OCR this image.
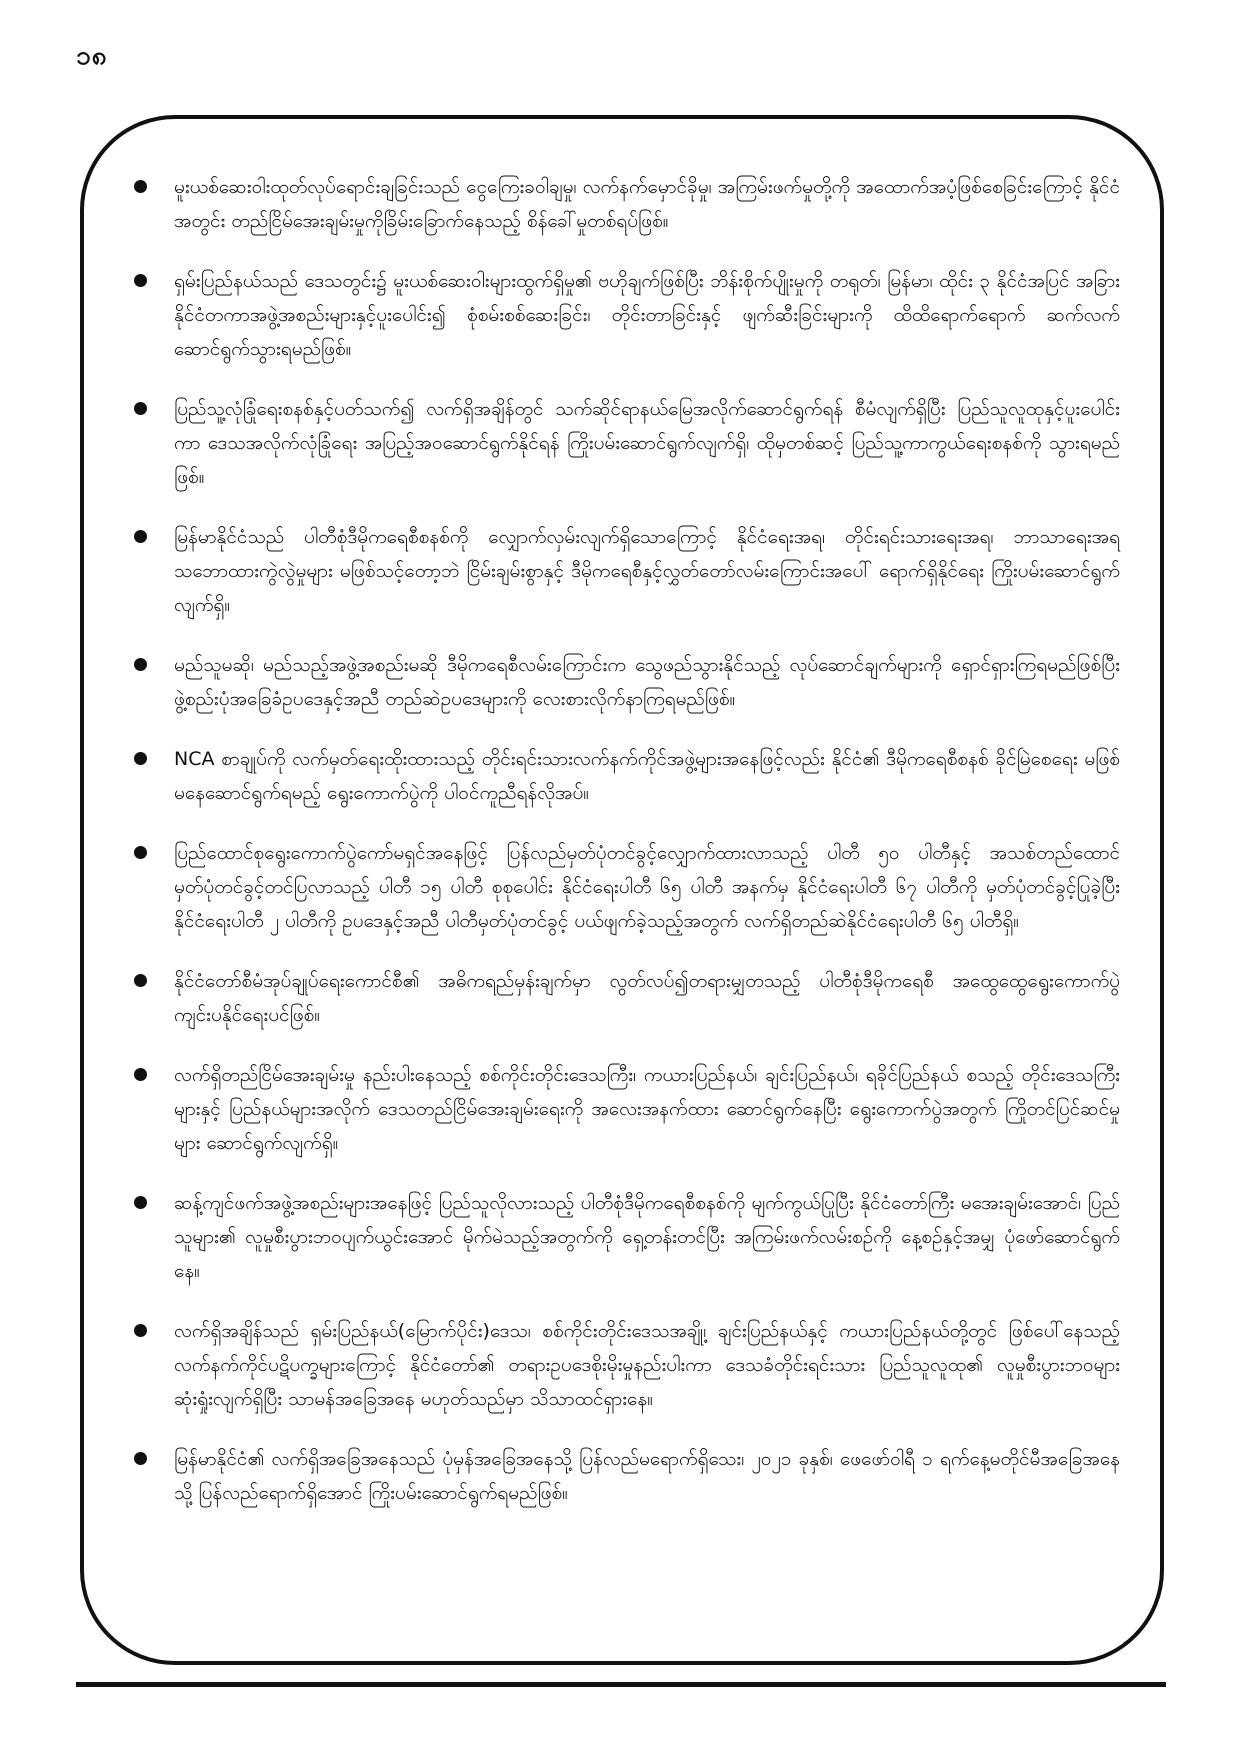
၁၈
မူးယစ်ဆေးဝါးထုတ်လုပ်ရောင်းချခြင်းသည် ငွေကြေးခဝါချမှု၊ လက်နက်မှောင်ခိုမှု၊ အကြမ်းဖက်မှုတို့ကို အထောက်အပံ့ဖြစ်စေခြင်းကြောင့် နိုင်ငံအတွင်း တည်ငြိမ်အေးချမ်းမှုကိုခြိမ်းခြောက်နေသည့် စိန်ခေါ်မှုတစ်ရပ်ဖြစ်။
ရှမ်းပြည်နယ်သည် ဒေသတွင်း၌ မူးယစ်ဆေးဝါးများထွက်ရှိမှု၏ ဗဟိုချက်ဖြစ်ပြီး ဘိန်းစိုက်ပျိုးမှုကို တရုတ်၊ မြန်မာ၊ ထိုင်း ၃ နိုင်ငံအပြင် အခြားနိုင်ငံတကာအဖွဲ့အစည်းများနှင့်ပူးပေါင်း၍ စုံစမ်းစစ်ဆေးခြင်း၊ တိုင်းတာခြင်းနှင့် ဖျက်ဆီးခြင်းများကို ထိထိရောက်ရောက် ဆက်လက်ဆောင်ရွက်သွားရမည်ဖြစ်။
ပြည်သူ့လုံခြုံရေးစနစ်နှင့်ပတ်သက်၍ လက်ရှိအချိန်တွင် သက်ဆိုင်ရာနယ်မြေအလိုက်ဆောင်ရွက်ရန် စီမံလျက်ရှိပြီး ပြည်သူလူထုနှင့်ပူးပေါင်းကာ ဒေသအလိုက်လုံခြုံရေး အပြည့်အဝဆောင်ရွက်နိုင်ရန် ကြိုးပမ်းဆောင်ရွက်လျက်ရှိ၊ ထိုမှတစ်ဆင့် ပြည်သူ့ကာကွယ်ရေးစနစ်ကို သွားရမည်ဖြစ်။
မြန်မာနိုင်ငံသည် ပါတီစုံဒီမိုကရေစီစနစ်ကို လျှောက်လှမ်းလျက်ရှိသောကြောင့် နိုင်ငံရေးအရ၊ တိုင်းရင်းသားရေးအရ၊ ဘာသာရေးအရ သဘောထားကွဲလွဲမှုများ မဖြစ်သင့်တော့ဘဲ ငြိမ်းချမ်းစွာနှင့် ဒီမိုကရေစီနှင့်လွှတ်တော်လမ်းကြောင်းအပေါ် ရောက်ရှိနိုင်ရေး ကြိုးပမ်းဆောင်ရွက်လျက်ရှိ။
မည်သူမဆို၊ မည်သည့်အဖွဲ့အစည်းမဆို ဒီမိုကရေစီလမ်းကြောင်းက သွေဖည်သွားနိုင်သည့် လုပ်ဆောင်ချက်များကို ရှောင်ရှားကြရမည်ဖြစ်ပြီး ဖွဲ့စည်းပုံအခြေခံဥပဒေနှင့်အညီ တည်ဆဲဥပဒေများကို လေးစားလိုက်နာကြရမည်ဖြစ်။
NCA စာချုပ်ကို လက်မှတ်ရေးထိုးထားသည့် တိုင်းရင်းသားလက်နက်ကိုင်အဖွဲ့များအနေဖြင့်လည်း နိုင်ငံ၏ ဒီမိုကရေစီစနစ် ခိုင်မြဲစေရေး မဖြစ်မနေဆောင်ရွက်ရမည့် ရွေးကောက်ပွဲကို ပါဝင်ကူညီရန်လိုအပ်။
ပြည်ထောင်စုရွေးကောက်ပွဲကော်မရှင်အနေဖြင့် ပြန်လည်မှတ်ပုံတင်ခွင့်လျှောက်ထားလာသည့် ပါတီ ၅၀ ပါတီနှင့် အသစ်တည်ထောင်မှတ်ပုံတင်ခွင့်တင်ပြလာသည့် ပါတီ ၁၅ ပါတီ စုစုပေါင်း နိုင်ငံရေးပါတီ ၆၅ ပါတီ အနက်မှ နိုင်ငံရေးပါတီ ၆၇ ပါတီကို မှတ်ပုံတင်ခွင့်ပြုခဲ့ပြီး နိုင်ငံရေးပါတီ ၂ ပါတီကို ဥပဒေနှင့်အညီ ပါတီမှတ်ပုံတင်ခွင့် ပယ်ဖျက်ခဲ့သည့်အတွက် လက်ရှိတည်ဆဲနိုင်ငံရေးပါတီ ၆၅ ပါတီရှိ။
နိုင်ငံတော်စီမံအုပ်ချုပ်ရေးကောင်စီ၏ အဓိကရည်မှန်းချက်မှာ လွတ်လပ်၍တရားမျှတသည့် ပါတီစုံဒီမိုကရေစီ အထွေထွေရွေးကောက်ပွဲ ကျင်းပနိုင်ရေးပင်ဖြစ်။
လက်ရှိတည်ငြိမ်အေးချမ်းမှု နည်းပါးနေသည့် စစ်ကိုင်းတိုင်းဒေသကြီး၊ ကယားပြည်နယ်၊ ချင်းပြည်နယ်၊ ရခိုင်ပြည်နယ် စသည့် တိုင်းဒေသကြီးများနှင့် ပြည်နယ်များအလိုက် ဒေသတည်ငြိမ်အေးချမ်းရေးကို အလေးအနက်ထား ဆောင်ရွက်နေပြီး ရွေးကောက်ပွဲအတွက် ကြိုတင်ပြင်ဆင်မှုများ ဆောင်ရွက်လျက်ရှိ။
ဆန့်ကျင်ဖက်အဖွဲ့အစည်းများအနေဖြင့် ပြည်သူလိုလားသည့် ပါတီစုံဒီမိုကရေစီစနစ်ကို မျက်ကွယ်ပြုပြီး နိုင်ငံတော်ကြီး မအေးချမ်းအောင်၊ ပြည်သူများ၏ လူမှုစီးပွားဘဝပျက်ယွင်းအောင် မိုက်မဲသည့်အတွက်ကို ရှေ့တန်းတင်ပြီး အကြမ်းဖက်လမ်းစဉ်ကို နေ့စဉ်နှင့်အမျှ ပုံဖော်ဆောင်ရွက်နေ။
လက်ရှိအချိန်သည် ရှမ်းပြည်နယ်(မြောက်ပိုင်း)ဒေသ၊ စစ်ကိုင်းတိုင်းဒေသအချို့၊ ချင်းပြည်နယ်နှင့် ကယားပြည်နယ်တို့တွင် ဖြစ်ပေါ်နေသည့် လက်နက်ကိုင်ပဋိပက္ခများကြောင့် နိုင်ငံတော်၏ တရားဥပဒေစိုးမိုးမှုနည်းပါးကာ ဒေသခံတိုင်းရင်းသား ပြည်သူလူထု၏ လူမှုစီးပွားဘဝများ ဆုံးရှုံးလျက်ရှိပြီး သာမန်အခြေအနေ မဟုတ်သည်မှာ သိသာထင်ရှားနေ။
မြန်မာနိုင်ငံ၏ လက်ရှိအခြေအနေသည် ပုံမှန်အခြေအနေသို့ ပြန်လည်မရောက်ရှိသေး၊ ၂၀၂၁ ခုနှစ်၊ ဖေဖော်ဝါရီ ၁ ရက်နေ့မတိုင်မီအခြေအနေသို့ ပြန်လည်ရောက်ရှိအောင် ကြိုးပမ်းဆောင်ရွက်ရမည်ဖြစ်။
